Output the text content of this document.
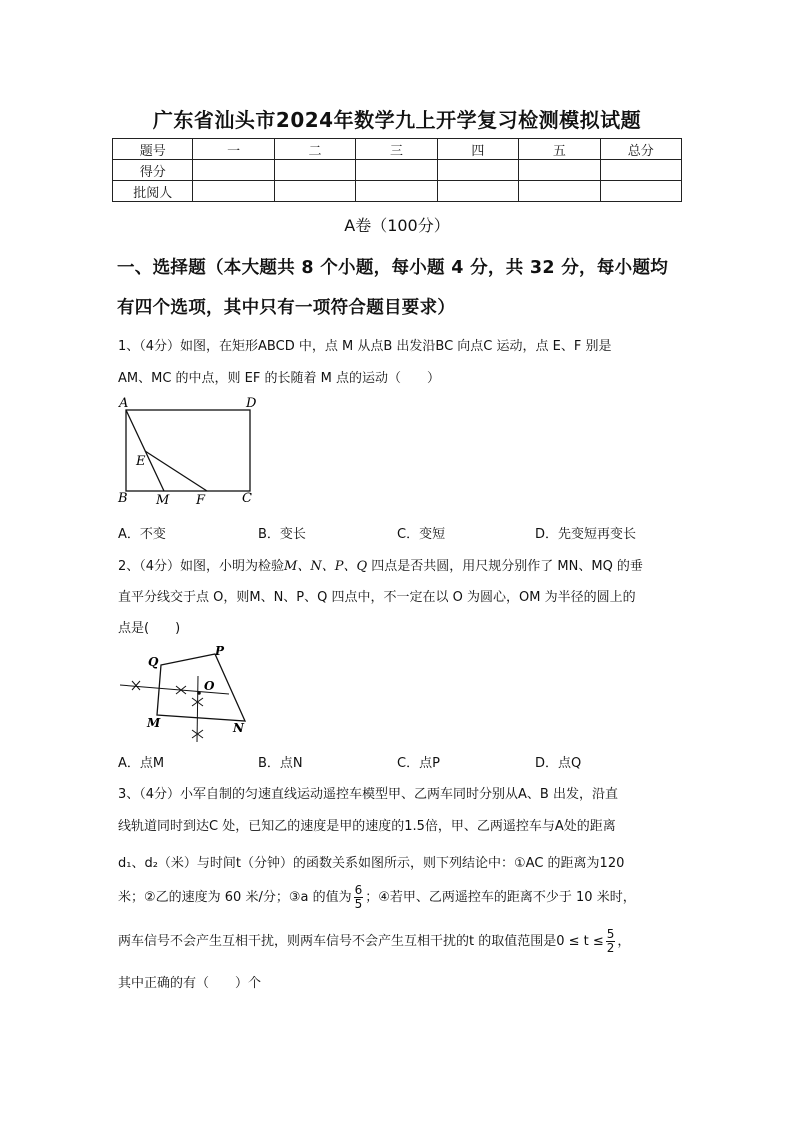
广东省汕头市2024年数学九上开学复习检测模拟试题
题号	一	二	三	四	五	总分
得分						
批阅人						
A卷（100分）
一、选择题（本大题共 8 个小题，每小题 4 分，共 32 分，每小题均
有四个选项，其中只有一项符合题目要求）
1、（4分）如图，在矩形ABCD 中，点 M 从点B 出发沿BC 向点C 运动，点 E、F 别是
AM、MC 的中点，则 EF 的长随着 M 点的运动（　　）
A	D
E
B M F	C
A．不变	B．变长	C．变短	D．先变短再变长
2、（4分）如图，小明为检验M、N、P、Q 四点是否共圆，用尺规分别作了 MN、MQ 的垂
直平分线交于点 O，则M、N、P、Q 四点中，不一定在以 O 为圆心，OM 为半径的圆上的
点是(　　)
Q
P
O
M	N
A．点M	B．点N	C．点P	D．点Q
3、（4分）小军自制的匀速直线运动遥控车模型甲、乙两车同时分别从A、B 出发，沿直
线轨道同时到达C 处，已知乙的速度是甲的速度的1.5倍，甲、乙两遥控车与A处的距离
d₁、d₂（米）与时间t（分钟）的函数关系如图所示，则下列结论中：①AC 的距离为120
米；②乙的速度为 60 米/分；③a 的值为 $\frac{6}{5}$ ；④若甲、乙两遥控车的距离不少于 10 米时，
两车信号不会产生互相干扰，则两车信号不会产生互相干扰的t 的取值范围是$0 \le t \le \frac{5}{2}$ ，
其中正确的有（　　）个
